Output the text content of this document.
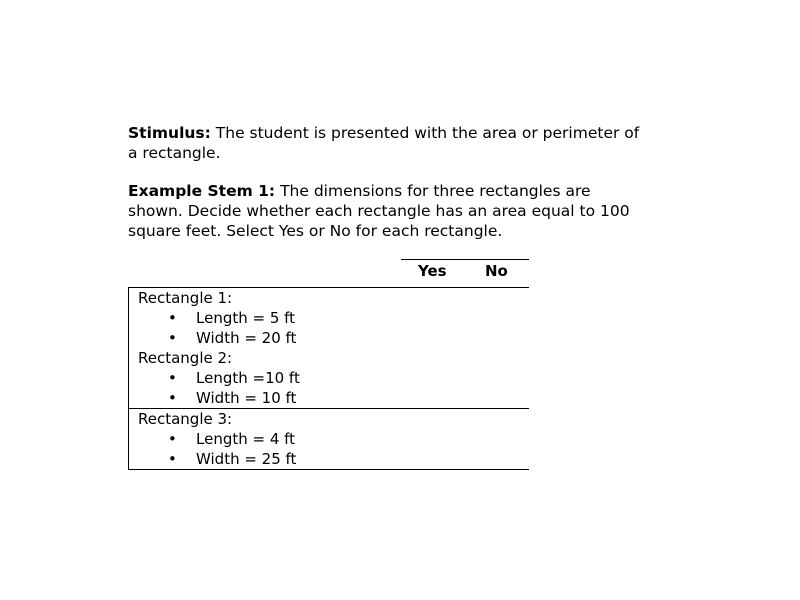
Stimulus: The student is presented with the area or perimeter of
a rectangle.
Example Stem 1: The dimensions for three rectangles are
shown. Decide whether each rectangle has an area equal to 100
square feet. Select Yes or No for each rectangle.
Yes	No
Rectangle 1:
• Length = 5 ft
• Width = 20 ft
Rectangle 2:
• Length =10 ft
• Width = 10 ft
Rectangle 3:
• Length = 4 ft
• Width = 25 ft
